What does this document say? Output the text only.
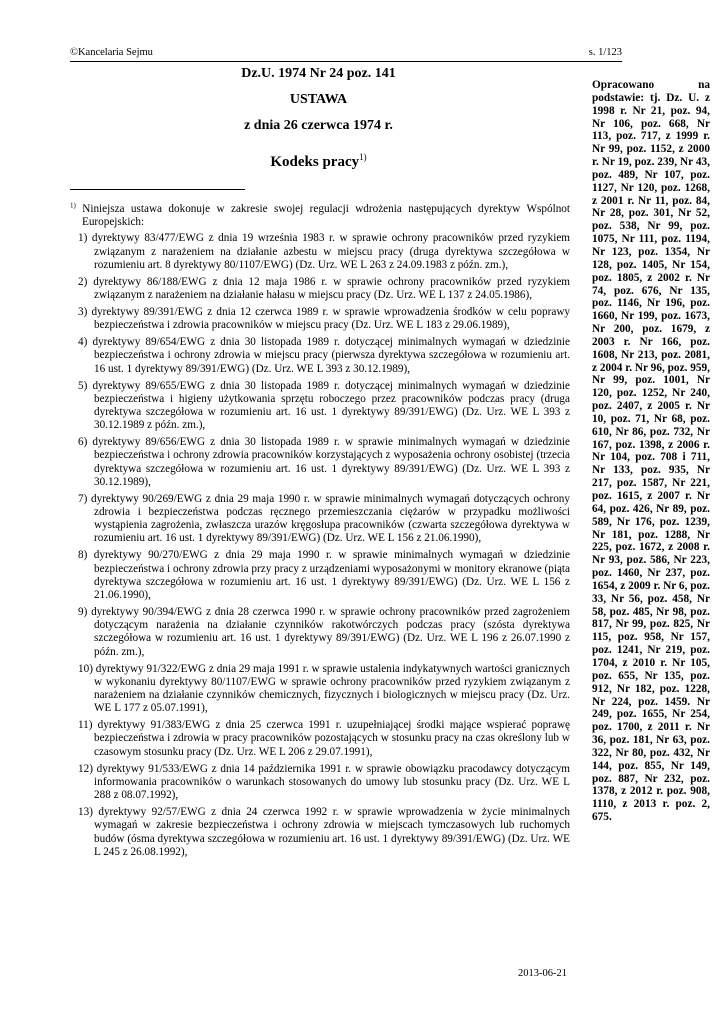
©Kancelaria Sejmu	s. 1/123
Dz.U. 1974 Nr 24 poz. 141
USTAWA
z dnia 26 czerwca 1974 r.
Kodeks pracy$^{1)}$

$^{1)}$ Niniejsza ustawa dokonuje w zakresie swojej regulacji wdrożenia następujących dyrektyw Wspólnot Europejskich:

1) dyrektywy 83/477/EWG z dnia 19 września 1983 r. w sprawie ochrony pracowników przed ryzykiem związanym z narażeniem na działanie azbestu w miejscu pracy (druga dyrektywa szczegółowa w rozumieniu art. 8 dyrektywy 80/1107/EWG) (Dz. Urz. WE L 263 z 24.09.1983 z późn. zm.),
2) dyrektywy 86/188/EWG z dnia 12 maja 1986 r. w sprawie ochrony pracowników przed ryzykiem związanym z narażeniem na działanie hałasu w miejscu pracy (Dz. Urz. WE L 137 z 24.05.1986),
3) dyrektywy 89/391/EWG z dnia 12 czerwca 1989 r. w sprawie wprowadzenia środków w celu poprawy bezpieczeństwa i zdrowia pracowników w miejscu pracy (Dz. Urz. WE L 183 z 29.06.1989),
4) dyrektywy 89/654/EWG z dnia 30 listopada 1989 r. dotyczącej minimalnych wymagań w dziedzinie bezpieczeństwa i ochrony zdrowia w miejscu pracy (pierwsza dyrektywa szczegółowa w rozumieniu art. 16 ust. 1 dyrektywy 89/391/EWG) (Dz. Urz. WE L 393 z 30.12.1989),
5) dyrektywy 89/655/EWG z dnia 30 listopada 1989 r. dotyczącej minimalnych wymagań w dziedzinie bezpieczeństwa i higieny użytkowania sprzętu roboczego przez pracowników podczas pracy (druga dyrektywa szczegółowa w rozumieniu art. 16 ust. 1 dyrektywy 89/391/EWG) (Dz. Urz. WE L 393 z 30.12.1989 z późn. zm.),
6) dyrektywy 89/656/EWG z dnia 30 listopada 1989 r. w sprawie minimalnych wymagań w dziedzinie bezpieczeństwa i ochrony zdrowia pracowników korzystających z wyposażenia ochrony osobistej (trzecia dyrektywa szczegółowa w rozumieniu art. 16 ust. 1 dyrektywy 89/391/EWG) (Dz. Urz. WE L 393 z 30.12.1989),
7) dyrektywy 90/269/EWG z dnia 29 maja 1990 r. w sprawie minimalnych wymagań dotyczących ochrony zdrowia i bezpieczeństwa podczas ręcznego przemieszczania ciężarów w przypadku możliwości wystąpienia zagrożenia, zwłaszcza urazów kręgosłupa pracowników (czwarta szczegółowa dyrektywa w rozumieniu art. 16 ust. 1 dyrektywy 89/391/EWG) (Dz. Urz. WE L 156 z 21.06.1990),
8) dyrektywy 90/270/EWG z dnia 29 maja 1990 r. w sprawie minimalnych wymagań w dziedzinie bezpieczeństwa i ochrony zdrowia przy pracy z urządzeniami wyposażonymi w monitory ekranowe (piąta dyrektywa szczegółowa w rozumieniu art. 16 ust. 1 dyrektywy 89/391/EWG) (Dz. Urz. WE L 156 z 21.06.1990),
9) dyrektywy 90/394/EWG z dnia 28 czerwca 1990 r. w sprawie ochrony pracowników przed zagrożeniem dotyczącym narażenia na działanie czynników rakotwórczych podczas pracy (szósta dyrektywa szczegółowa w rozumieniu art. 16 ust. 1 dyrektywy 89/391/EWG) (Dz. Urz. WE L 196 z 26.07.1990 z późn. zm.),
10) dyrektywy 91/322/EWG z dnia 29 maja 1991 r. w sprawie ustalenia indykatywnych wartości granicznych w wykonaniu dyrektywy 80/1107/EWG w sprawie ochrony pracowników przed ryzykiem związanym z narażeniem na działanie czynników chemicznych, fizycznych i biologicznych w miejscu pracy (Dz. Urz. WE L 177 z 05.07.1991),
11) dyrektywy 91/383/EWG z dnia 25 czerwca 1991 r. uzupełniającej środki mające wspierać poprawę bezpieczeństwa i zdrowia w pracy pracowników pozostających w stosunku pracy na czas określony lub w czasowym stosunku pracy (Dz. Urz. WE L 206 z 29.07.1991),
12) dyrektywy 91/533/EWG z dnia 14 października 1991 r. w sprawie obowiązku pracodawcy dotyczącym informowania pracowników o warunkach stosowanych do umowy lub stosunku pracy (Dz. Urz. WE L 288 z 08.07.1992),
13) dyrektywy 92/57/EWG z dnia 24 czerwca 1992 r. w sprawie wprowadzenia w życie minimalnych wymagań w zakresie bezpieczeństwa i ochrony zdrowia w miejscach tymczasowych lub ruchomych budów (ósma dyrektywa szczegółowa w rozumieniu art. 16 ust. 1 dyrektywy 89/391/EWG) (Dz. Urz. WE L 245 z 26.08.1992),
Opracowano na podstawie: tj. Dz. U. z 1998 r. Nr 21, poz. 94, Nr 106, poz. 668, Nr 113, poz. 717, z 1999 r. Nr 99, poz. 1152, z 2000 r. Nr 19, poz. 239, Nr 43, poz. 489, Nr 107, poz. 1127, Nr 120, poz. 1268, z 2001 r. Nr 11, poz. 84, Nr 28, poz. 301, Nr 52, poz. 538, Nr 99, poz. 1075, Nr 111, poz. 1194, Nr 123, poz. 1354, Nr 128, poz. 1405, Nr 154, poz. 1805, z 2002 r. Nr 74, poz. 676, Nr 135, poz. 1146, Nr 196, poz. 1660, Nr 199, poz. 1673, Nr 200, poz. 1679, z 2003 r. Nr 166, poz. 1608, Nr 213, poz. 2081, z 2004 r. Nr 96, poz. 959, Nr 99, poz. 1001, Nr 120, poz. 1252, Nr 240, poz. 2407, z 2005 r. Nr 10, poz. 71, Nr 68, poz. 610, Nr 86, poz. 732, Nr 167, poz. 1398, z 2006 r. Nr 104, poz. 708 i 711, Nr 133, poz. 935, Nr 217, poz. 1587, Nr 221, poz. 1615, z 2007 r. Nr 64, poz. 426, Nr 89, poz. 589, Nr 176, poz. 1239, Nr 181, poz. 1288, Nr 225, poz. 1672, z 2008 r. Nr 93, poz. 586, Nr 223, poz. 1460, Nr 237, poz. 1654, z 2009 r. Nr 6, poz. 33, Nr 56, poz. 458, Nr 58, poz. 485, Nr 98, poz. 817, Nr 99, poz. 825, Nr 115, poz. 958, Nr 157, poz. 1241, Nr 219, poz. 1704, z 2010 r. Nr 105, poz. 655, Nr 135, poz. 912, Nr 182, poz. 1228, Nr 224, poz. 1459. Nr 249, poz. 1655, Nr 254, poz. 1700, z 2011 r. Nr 36, poz. 181, Nr 63, poz. 322, Nr 80, poz. 432, Nr 144, poz. 855, Nr 149, poz. 887, Nr 232, poz. 1378, z 2012 r. poz. 908, 1110, z 2013 r. poz. 2, 675.
2013-06-21
